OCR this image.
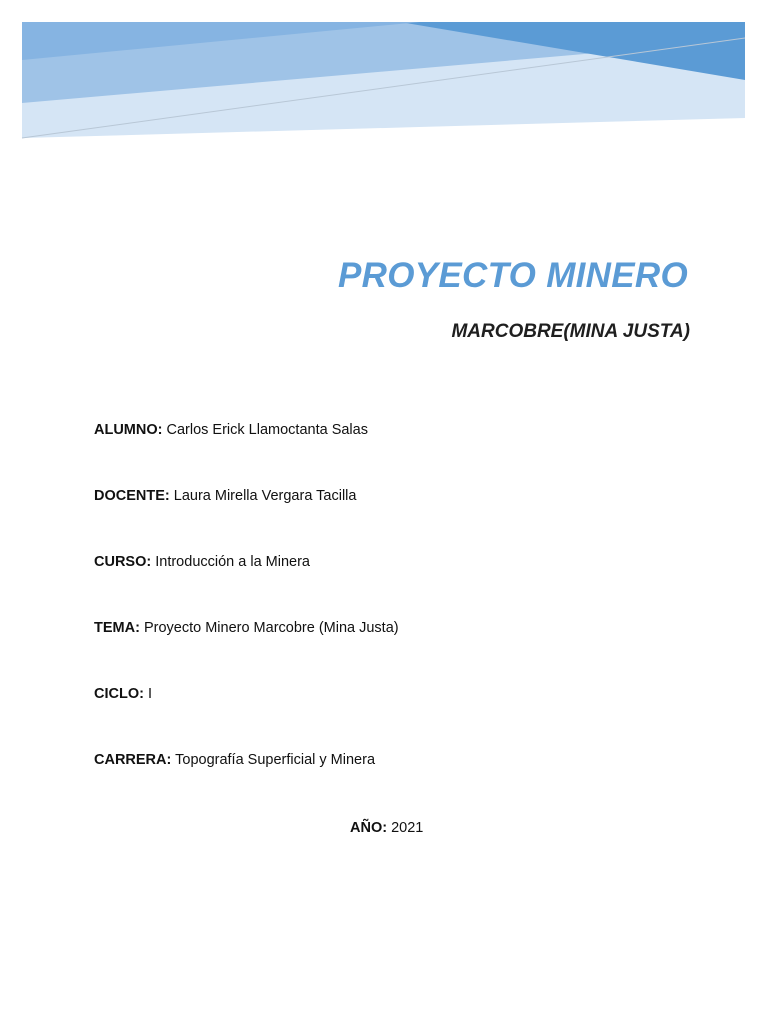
PROYECTO MINERO
MARCOBRE(MINA JUSTA)
ALUMNO: Carlos Erick Llamoctanta Salas
DOCENTE: Laura Mirella Vergara Tacilla
CURSO: Introducción a la Minera
TEMA: Proyecto Minero Marcobre (Mina Justa)
CICLO: I
CARRERA: Topografía Superficial y Minera
AÑO: 2021
